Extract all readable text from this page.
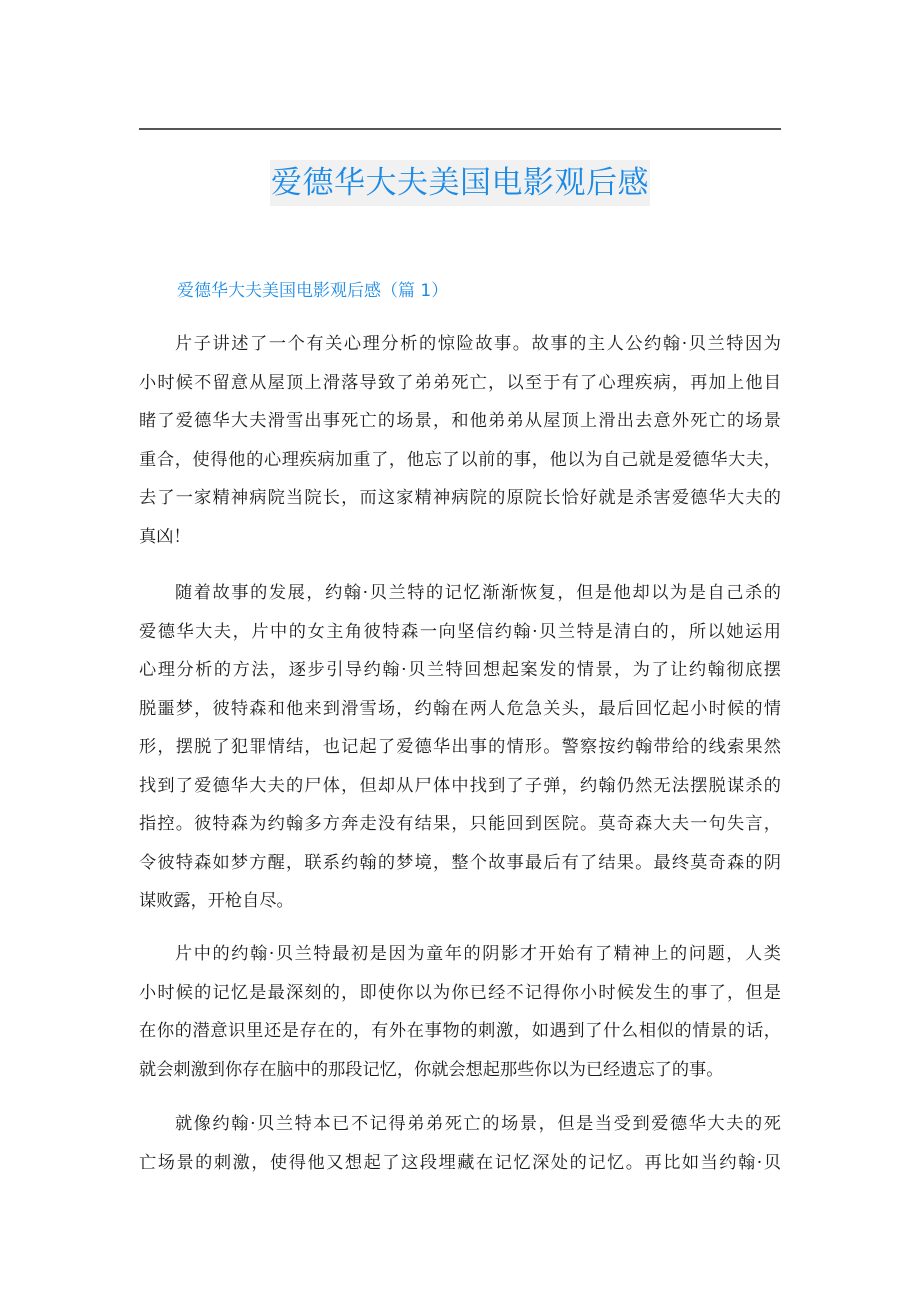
爱德华大夫美国电影观后感
爱德华大夫美国电影观后感（篇 1）
片子讲述了一个有关心理分析的惊险故事。故事的主人公约翰·贝兰特因为
小时候不留意从屋顶上滑落导致了弟弟死亡，以至于有了心理疾病，再加上他目
睹了爱德华大夫滑雪出事死亡的场景，和他弟弟从屋顶上滑出去意外死亡的场景
重合，使得他的心理疾病加重了，他忘了以前的事，他以为自己就是爱德华大夫，
去了一家精神病院当院长，而这家精神病院的原院长恰好就是杀害爱德华大夫的
真凶！
随着故事的发展，约翰·贝兰特的记忆渐渐恢复，但是他却以为是自己杀的
爱德华大夫，片中的女主角彼特森一向坚信约翰·贝兰特是清白的，所以她运用
心理分析的方法，逐步引导约翰·贝兰特回想起案发的情景，为了让约翰彻底摆
脱噩梦，彼特森和他来到滑雪场，约翰在两人危急关头，最后回忆起小时候的情
形，摆脱了犯罪情结，也记起了爱德华出事的情形。警察按约翰带给的线索果然
找到了爱德华大夫的尸体，但却从尸体中找到了子弹，约翰仍然无法摆脱谋杀的
指控。彼特森为约翰多方奔走没有结果，只能回到医院。莫奇森大夫一句失言，
令彼特森如梦方醒，联系约翰的梦境，整个故事最后有了结果。最终莫奇森的阴
谋败露，开枪自尽。
片中的约翰·贝兰特最初是因为童年的阴影才开始有了精神上的问题，人类
小时候的记忆是最深刻的，即使你以为你已经不记得你小时候发生的事了，但是
在你的潜意识里还是存在的，有外在事物的刺激，如遇到了什么相似的情景的话，
就会刺激到你存在脑中的那段记忆，你就会想起那些你以为已经遗忘了的事。
就像约翰·贝兰特本已不记得弟弟死亡的场景，但是当受到爱德华大夫的死
亡场景的刺激，使得他又想起了这段埋藏在记忆深处的记忆。再比如当约翰·贝
